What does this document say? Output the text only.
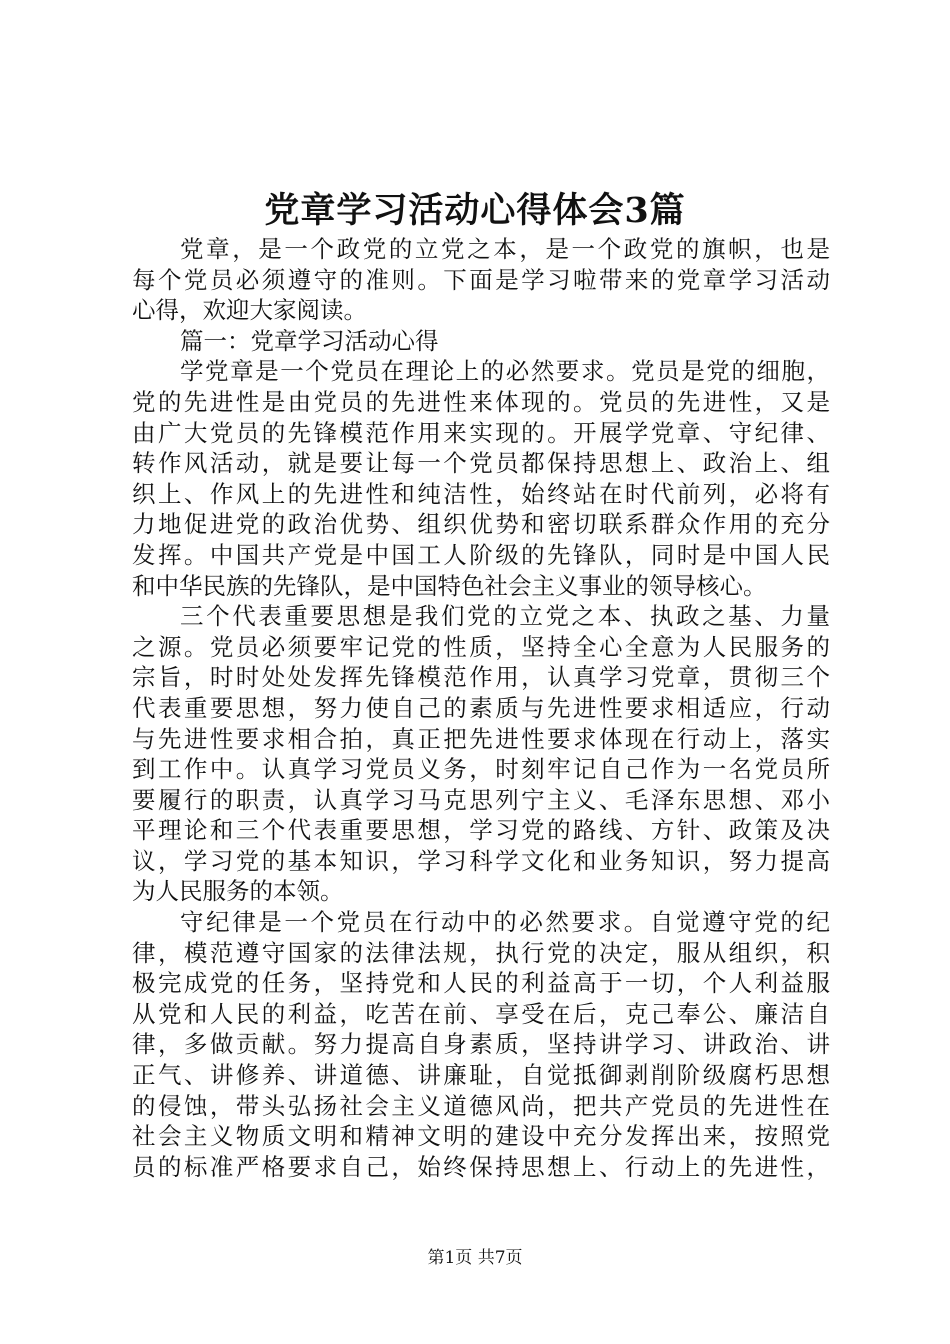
党章学习活动心得体会3篇
党章，是一个政党的立党之本，是一个政党的旗帜，也是
每个党员必须遵守的准则。下面是学习啦带来的党章学习活动
心得，欢迎大家阅读。
篇一：党章学习活动心得
学党章是一个党员在理论上的必然要求。党员是党的细胞，
党的先进性是由党员的先进性来体现的。党员的先进性，又是
由广大党员的先锋模范作用来实现的。开展学党章、守纪律、
转作风活动，就是要让每一个党员都保持思想上、政治上、组
织上、作风上的先进性和纯洁性，始终站在时代前列，必将有
力地促进党的政治优势、组织优势和密切联系群众作用的充分
发挥。中国共产党是中国工人阶级的先锋队，同时是中国人民
和中华民族的先锋队，是中国特色社会主义事业的领导核心。
三个代表重要思想是我们党的立党之本、执政之基、力量
之源。党员必须要牢记党的性质，坚持全心全意为人民服务的
宗旨，时时处处发挥先锋模范作用，认真学习党章，贯彻三个
代表重要思想，努力使自己的素质与先进性要求相适应，行动
与先进性要求相合拍，真正把先进性要求体现在行动上，落实
到工作中。认真学习党员义务，时刻牢记自己作为一名党员所
要履行的职责，认真学习马克思列宁主义、毛泽东思想、邓小
平理论和三个代表重要思想，学习党的路线、方针、政策及决
议，学习党的基本知识，学习科学文化和业务知识，努力提高
为人民服务的本领。
守纪律是一个党员在行动中的必然要求。自觉遵守党的纪
律，模范遵守国家的法律法规，执行党的决定，服从组织，积
极完成党的任务，坚持党和人民的利益高于一切，个人利益服
从党和人民的利益，吃苦在前、享受在后，克己奉公、廉洁自
律，多做贡献。努力提高自身素质，坚持讲学习、讲政治、讲
正气、讲修养、讲道德、讲廉耻，自觉抵御剥削阶级腐朽思想
的侵蚀，带头弘扬社会主义道德风尚，把共产党员的先进性在
社会主义物质文明和精神文明的建设中充分发挥出来，按照党
员的标准严格要求自己，始终保持思想上、行动上的先进性，
第1页 共7页
